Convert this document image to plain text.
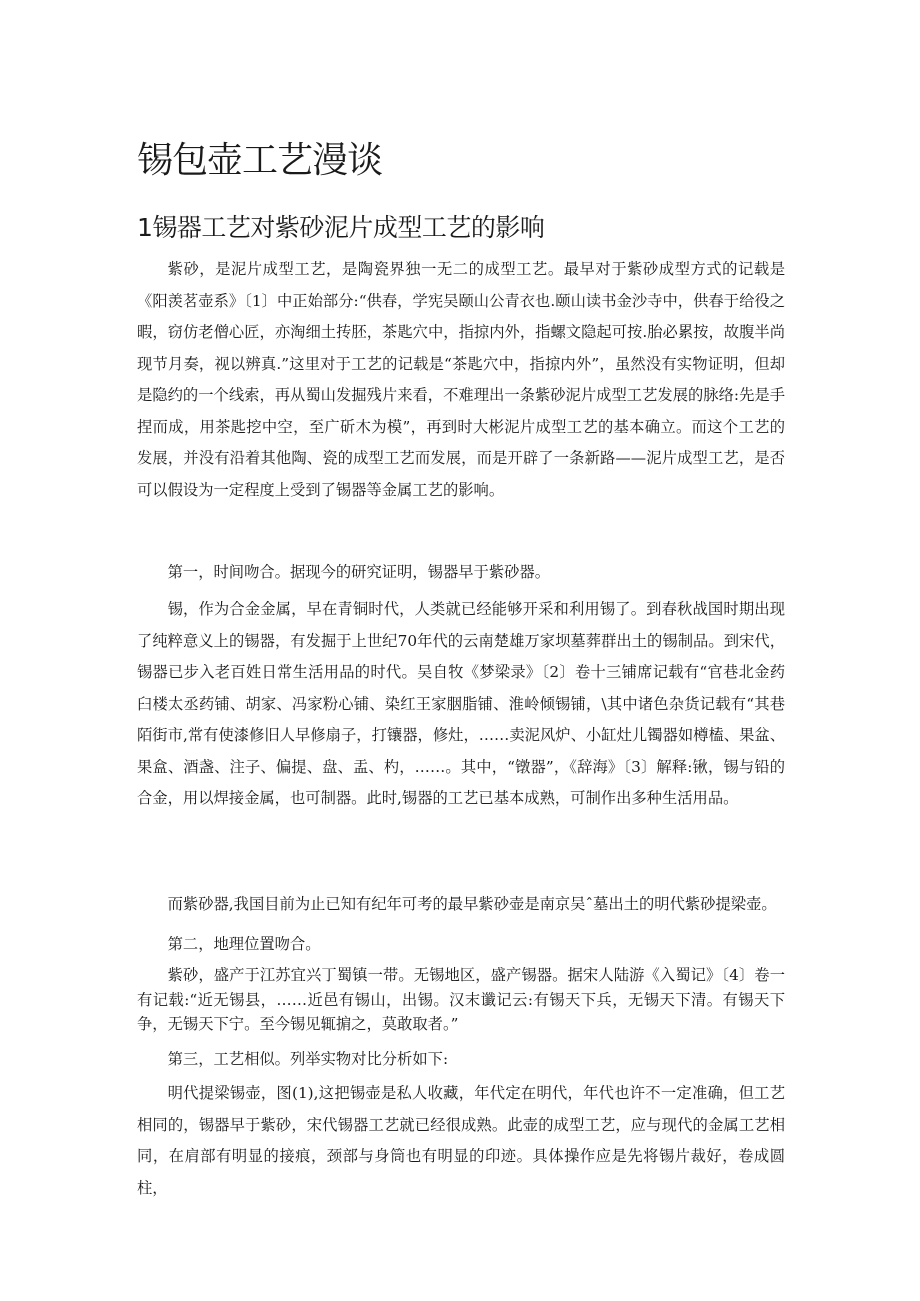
锡包壶工艺漫谈
1锡器工艺对紫砂泥片成型工艺的影响

紫砂，是泥片成型工艺，是陶瓷界独一无二的成型工艺。最早对于紫砂成型方式的记载是《阳羡茗壶系》〔1〕中正始部分:“供春，学宪吴颐山公青衣也.颐山读书金沙寺中，供春于给役之暇，窃仿老僧心匠，亦淘细土抟胚，茶匙穴中，指掠内外，指螺文隐起可按.胎必累按，故腹半尚现节月奏，视以辨真.”这里对于工艺的记载是“茶匙穴中，指掠内外”，虽然没有实物证明，但却是隐约的一个线索，再从蜀山发掘残片来看，不难理出一条紫砂泥片成型工艺发展的脉络:先是手捏而成，用茶匙挖中空，至广斫木为模”，再到时大彬泥片成型工艺的基本确立。而这个工艺的发展，并没有沿着其他陶、瓷的成型工艺而发展，而是开辟了一条新路——泥片成型工艺，是否可以假设为一定程度上受到了锡器等金属工艺的影响。

第一，时间吻合。据现今的研究证明，锡器早于紫砂器。

锡，作为合金金属，早在青铜时代，人类就已经能够开采和利用锡了。到春秋战国时期出现了纯粹意义上的锡器，有发掘于上世纪70年代的云南楚雄万家坝墓葬群出土的锡制品。到宋代，锡器已步入老百姓日常生活用品的时代。吴自牧《梦梁录》〔2〕卷十三铺席记载有“官巷北金药臼楼太丞药铺、胡家、冯家粉心铺、染红王家胭脂铺、淮岭倾锡铺，\其中诸色杂货记载有“其巷陌街市,常有使漆修旧人早修扇子，打镶器，修灶，……卖泥风炉、小缸灶儿镯器如樽榼、果盆、果盒、酒盏、注子、偏提、盘、盂、杓，……。其中，“镦器”，《辞海》〔3〕解释:锹，锡与铅的合金，用以焊接金属，也可制器。此时,锡器的工艺已基本成熟，可制作出多种生活用品。

而紫砂器,我国目前为止已知有纪年可考的最早紫砂壶是南京吴ˆ墓出土的明代紫砂提梁壶。

第二，地理位置吻合。

紫砂，盛产于江苏宜兴丁蜀镇一带。无锡地区，盛产锡器。据宋人陆游《入蜀记》〔4〕卷一有记载:“近无锡县，……近邑有锡山，出锡。汉末谶记云:有锡天下兵，无锡天下清。有锡天下争，无锡天下宁。至今锡见辄掮之，莫敢取者。”

第三，工艺相似。列举实物对比分析如下:

明代提梁锡壶，图(1),这把锡壶是私人收藏，年代定在明代，年代也许不一定准确，但工艺相同的，锡器早于紫砂，宋代锡器工艺就已经很成熟。此壶的成型工艺，应与现代的金属工艺相同，在肩部有明显的接痕，颈部与身筒也有明显的印迹。具体操作应是先将锡片裁好，卷成圆柱，
